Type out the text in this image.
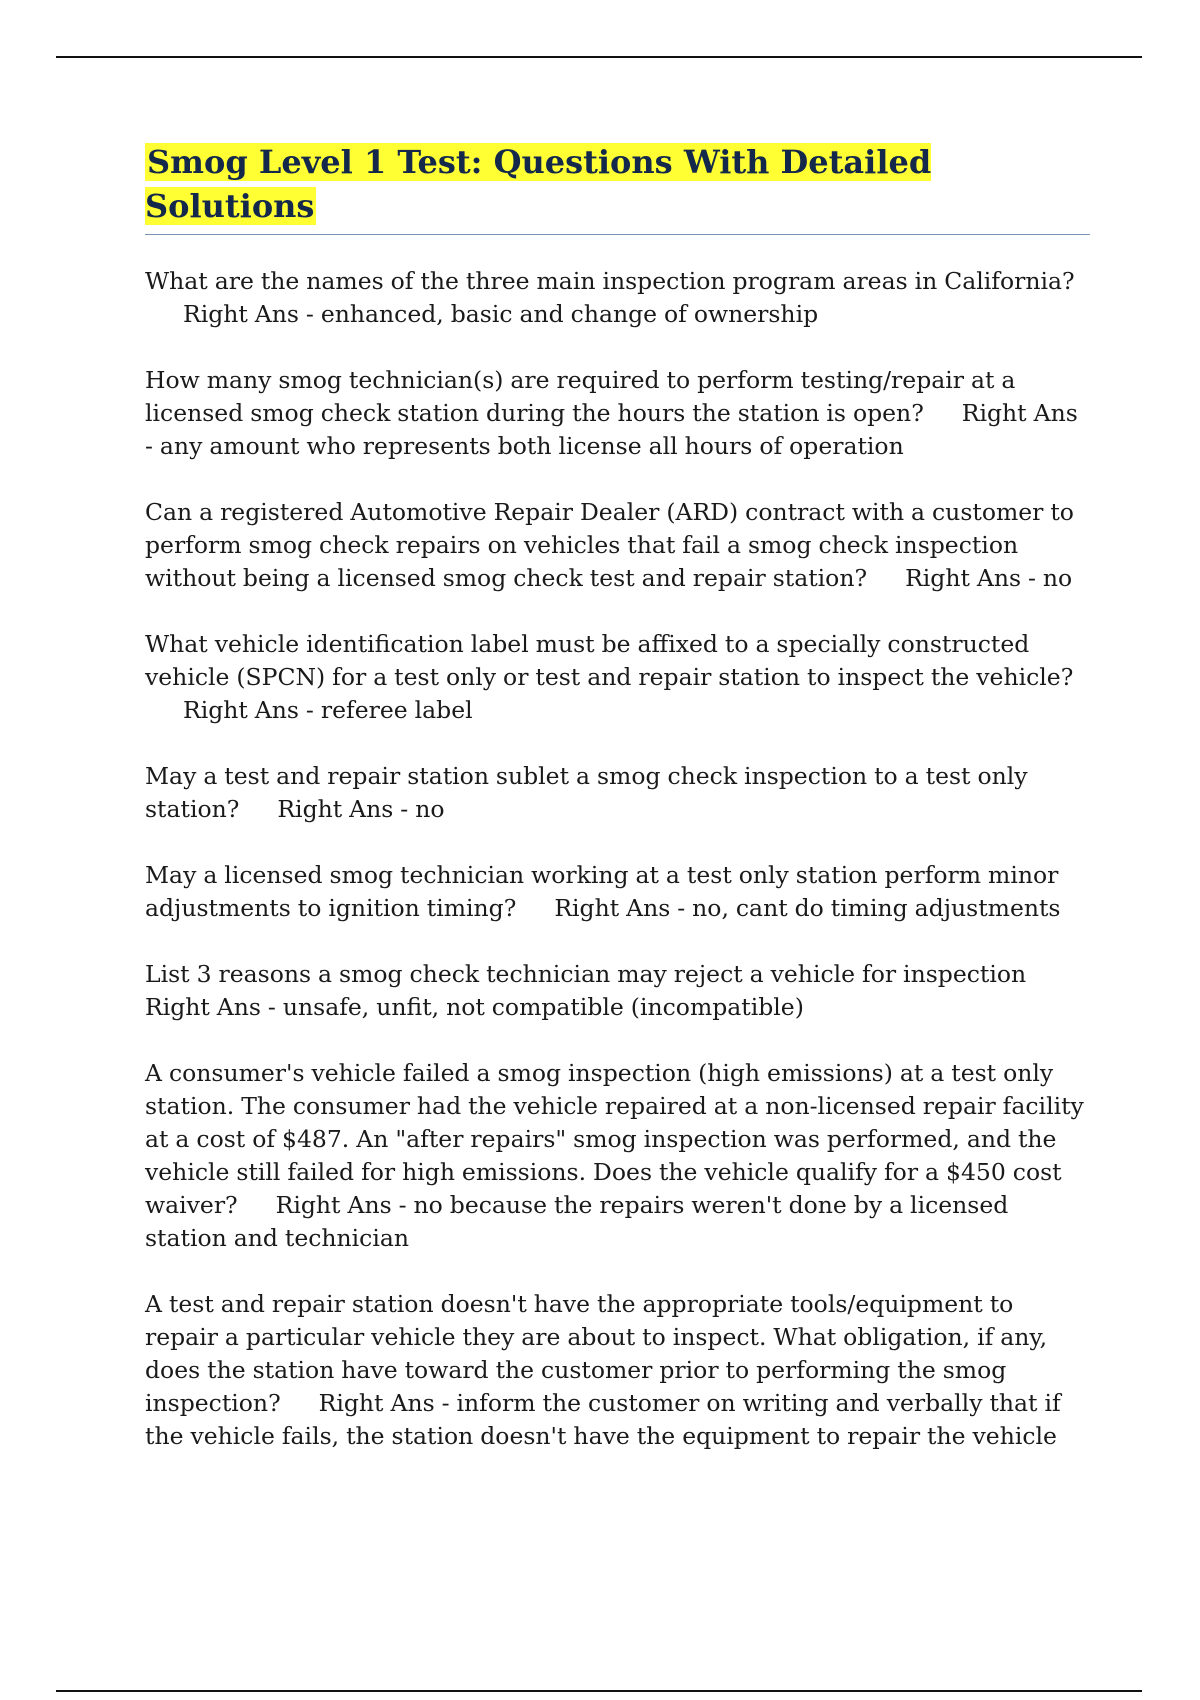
Smog Level 1 Test: Questions With Detailed Solutions

What are the names of the three main inspection program areas in California?Right Ans - enhanced, basic and change of ownership

How many smog technician(s) are required to perform testing/repair at a licensed smog check station during the hours the station is open? Right Ans - any amount who represents both license all hours of operation

Can a registered Automotive Repair Dealer (ARD) contract with a customer to perform smog check repairs on vehicles that fail a smog check inspection without being a licensed smog check test and repair station? Right Ans - no

What vehicle identification label must be affixed to a specially constructed vehicle (SPCN) for a test only or test and repair station to inspect the vehicle?Right Ans - referee label

May a test and repair station sublet a smog check inspection to a test only station? Right Ans - no

May a licensed smog technician working at a test only station perform minor adjustments to ignition timing? Right Ans - no, cant do timing adjustments

List 3 reasons a smog check technician may reject a vehicle for inspectionRight Ans - unsafe, unfit, not compatible (incompatible)

A consumer's vehicle failed a smog inspection (high emissions) at a test only station. The consumer had the vehicle repaired at a non-licensed repair facility at a cost of $487. An "after repairs" smog inspection was performed, and the vehicle still failed for high emissions. Does the vehicle qualify for a $450 cost waiver? Right Ans - no because the repairs weren't done by a licensed station and technician

A test and repair station doesn't have the appropriate tools/equipment to repair a particular vehicle they are about to inspect. What obligation, if any, does the station have toward the customer prior to performing the smog inspection? Right Ans - inform the customer on writing and verbally that if the vehicle fails, the station doesn't have the equipment to repair the vehicle
